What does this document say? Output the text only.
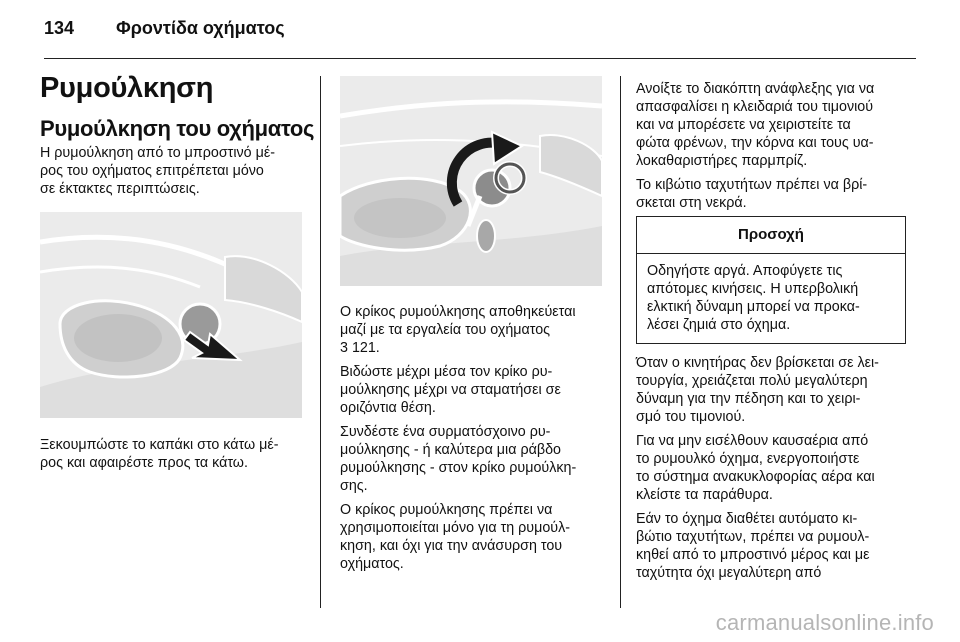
134 Φροντίδα οχήματος
Ρυμούλκηση
Ρυμούλκηση του οχήματος

Η ρυμούλκηση από το μπροστινό μέ-
ρος του οχήματος επιτρέπεται μόνο
σε έκτακτες περιπτώσεις.

Ξεκουμπώστε το καπάκι στο κάτω μέ-
ρος και αφαιρέστε προς τα κάτω.

Ο κρίκος ρυμούλκησης αποθηκεύεται
μαζί με τα εργαλεία του οχήματος
3 121.

Βιδώστε μέχρι μέσα τον κρίκο ρυ-
μούλκησης μέχρι να σταματήσει σε
οριζόντια θέση.

Συνδέστε ένα συρματόσχοινο ρυ-
μούλκησης - ή καλύτερα μια ράβδο
ρυμούλκησης - στον κρίκο ρυμούλκη-
σης.

Ο κρίκος ρυμούλκησης πρέπει να
χρησιμοποιείται μόνο για τη ρυμούλ-
κηση, και όχι για την ανάσυρση του
οχήματος.

Ανοίξτε το διακόπτη ανάφλεξης για να
απασφαλίσει η κλειδαριά του τιμονιού
και να μπορέσετε να χειριστείτε τα
φώτα φρένων, την κόρνα και τους υα-
λοκαθαριστήρες παρμπρίζ.

Το κιβώτιο ταχυτήτων πρέπει να βρί-
σκεται στη νεκρά.

Προσοχή
Οδηγήστε αργά. Αποφύγετε τις
απότομες κινήσεις. Η υπερβολική
ελκτική δύναμη μπορεί να προκα-
λέσει ζημιά στο όχημα.

Όταν ο κινητήρας δεν βρίσκεται σε λει-
τουργία, χρειάζεται πολύ μεγαλύτερη
δύναμη για την πέδηση και το χειρι-
σμό του τιμονιού.

Για να μην εισέλθουν καυσαέρια από
το ρυμουλκό όχημα, ενεργοποιήστε
το σύστημα ανακυκλοφορίας αέρα και
κλείστε τα παράθυρα.

Εάν το όχημα διαθέτει αυτόματο κι-
βώτιο ταχυτήτων, πρέπει να ρυμουλ-
κηθεί από το μπροστινό μέρος και με
ταχύτητα όχι μεγαλύτερη από

carmanualsonline.info
